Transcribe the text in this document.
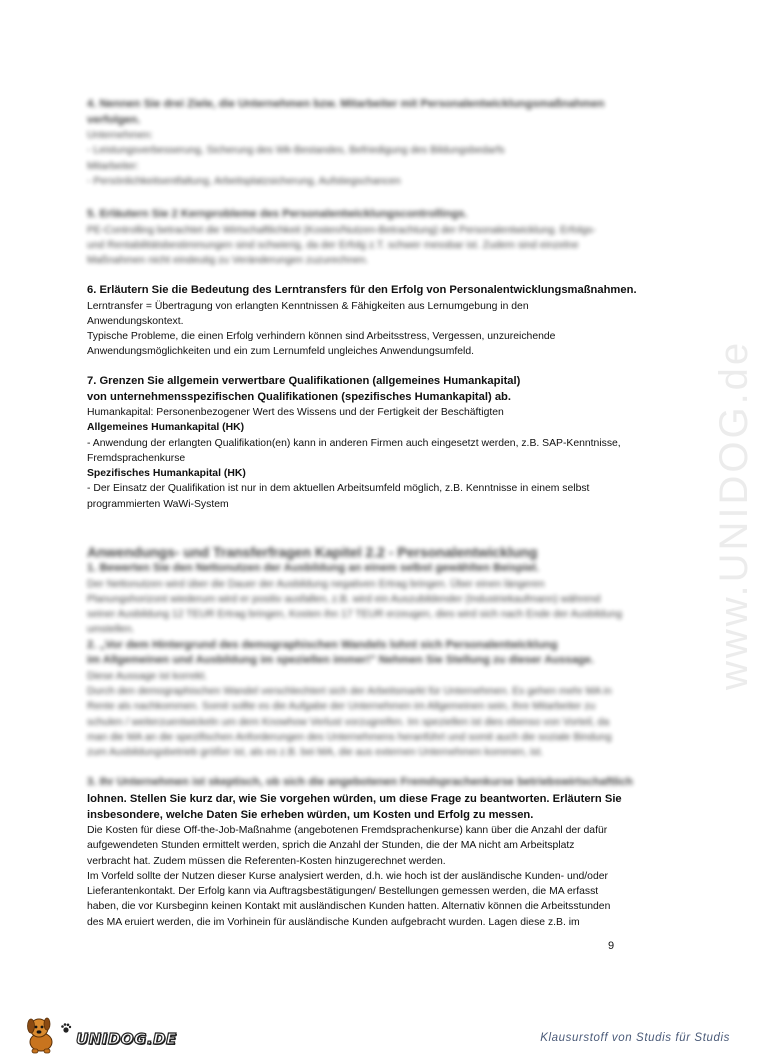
www.UNIDOG.de
4. Nennen Sie drei Ziele, die Unternehmen bzw. Mitarbeiter mit Personalentwicklungsmaßnahmen
verfolgen.
Unternehmen:
- Leistungsverbesserung, Sicherung des Wk-Bestandes, Befriedigung des Bildungsbedarfs
Mitarbeiter:
- Persönlichkeitsentfaltung, Arbeitsplatzsicherung, Aufstiegschancen
5. Erläutern Sie 2 Kernprobleme des Personalentwicklungscontrollings.
PE-Controlling betrachtet die Wirtschaftlichkeit (Kosten/Nutzen-Betrachtung) der Personalentwicklung. Erfolgs-
und Rentabilitätsbestimmungen sind schwierig, da der Erfolg z.T. schwer messbar ist. Zudem sind einzelne
Maßnahmen nicht eindeutig zu Veränderungen zuzurechnen.
6. Erläutern Sie die Bedeutung des Lerntransfers für den Erfolg von Personalentwicklungsmaßnahmen.
Lerntransfer = Übertragung von erlangten Kenntnissen & Fähigkeiten aus Lernumgebung in den
Anwendungskontext.
Typische Probleme, die einen Erfolg verhindern können sind Arbeitsstress, Vergessen, unzureichende
Anwendungsmöglichkeiten und ein zum Lernumfeld ungleiches Anwendungsumfeld.
7. Grenzen Sie allgemein verwertbare Qualifikationen (allgemeines Humankapital)
von unternehmensspezifischen Qualifikationen (spezifisches Humankapital) ab.
Humankapital: Personenbezogener Wert des Wissens und der Fertigkeit der Beschäftigten
Allgemeines Humankapital (HK)
- Anwendung der erlangten Qualifikation(en) kann in anderen Firmen auch eingesetzt werden, z.B. SAP-Kenntnisse,
Fremdsprachenkurse
Spezifisches Humankapital (HK)
- Der Einsatz der Qualifikation ist nur in dem aktuellen Arbeitsumfeld möglich, z.B. Kenntnisse in einem selbst
programmierten WaWi-System
Anwendungs- und Transferfragen Kapitel 2.2 - Personalentwicklung
1. Bewerten Sie den Nettonutzen der Ausbildung an einem selbst gewählten Beispiel.
Der Nettonutzen wird über die Dauer der Ausbildung negativen Ertrag bringen. Über einen längeren
Planungshorizont wiederum wird er positiv ausfallen, z.B. wird ein Auszubildender (Industriekaufmann) während
seiner Ausbildung 12 TEUR Ertrag bringen, Kosten ihn 17 TEUR erzeugen, dies wird sich nach Ende der Ausbildung
umstellen.
2. „Vor dem Hintergrund des demographischen Wandels lohnt sich Personalentwicklung
im Allgemeinen und Ausbildung im speziellen immer!" Nehmen Sie Stellung zu dieser Aussage.
Diese Aussage ist korrekt.
Durch den demographischen Wandel verschlechtert sich der Arbeitsmarkt für Unternehmen. Es gehen mehr MA in
Rente als nachkommen. Somit sollte es die Aufgabe der Unternehmen im Allgemeinen sein, ihre Mitarbeiter zu
schulen / weiterzuentwickeln um dem Knowhow Verlust vorzugreifen. Im speziellen ist dies ebenso von Vorteil, da
man die MA an die spezifischen Anforderungen des Unternehmens heranführt und somit auch die soziale Bindung
zum Ausbildungsbetrieb größer ist, als es z.B. bei MA, die aus externen Unternehmen kommen, ist.
3. Ihr Unternehmen ist skeptisch, ob sich die angebotenen Fremdsprachenkurse betriebswirtschaftlich
lohnen. Stellen Sie kurz dar, wie Sie vorgehen würden, um diese Frage zu beantworten. Erläutern Sie
insbesondere, welche Daten Sie erheben würden, um Kosten und Erfolg zu messen.
Die Kosten für diese Off-the-Job-Maßnahme (angebotenen Fremdsprachenkurse) kann über die Anzahl der dafür
aufgewendeten Stunden ermittelt werden, sprich die Anzahl der Stunden, die der MA nicht am Arbeitsplatz
verbracht hat. Zudem müssen die Referenten-Kosten hinzugerechnet werden.
Im Vorfeld sollte der Nutzen dieser Kurse analysiert werden, d.h. wie hoch ist der ausländische Kunden- und/oder
Lieferantenkontakt. Der Erfolg kann via Auftragsbestätigungen/ Bestellungen gemessen werden, die MA erfasst
haben, die vor Kursbeginn keinen Kontakt mit ausländischen Kunden hatten. Alternativ können die Arbeitsstunden
des MA eruiert werden, die im Vorhinein für ausländische Kunden aufgebracht wurden. Lagen diese z.B. im
9
UNIDOG.DE	Klausurstoff von Studis für Studis
